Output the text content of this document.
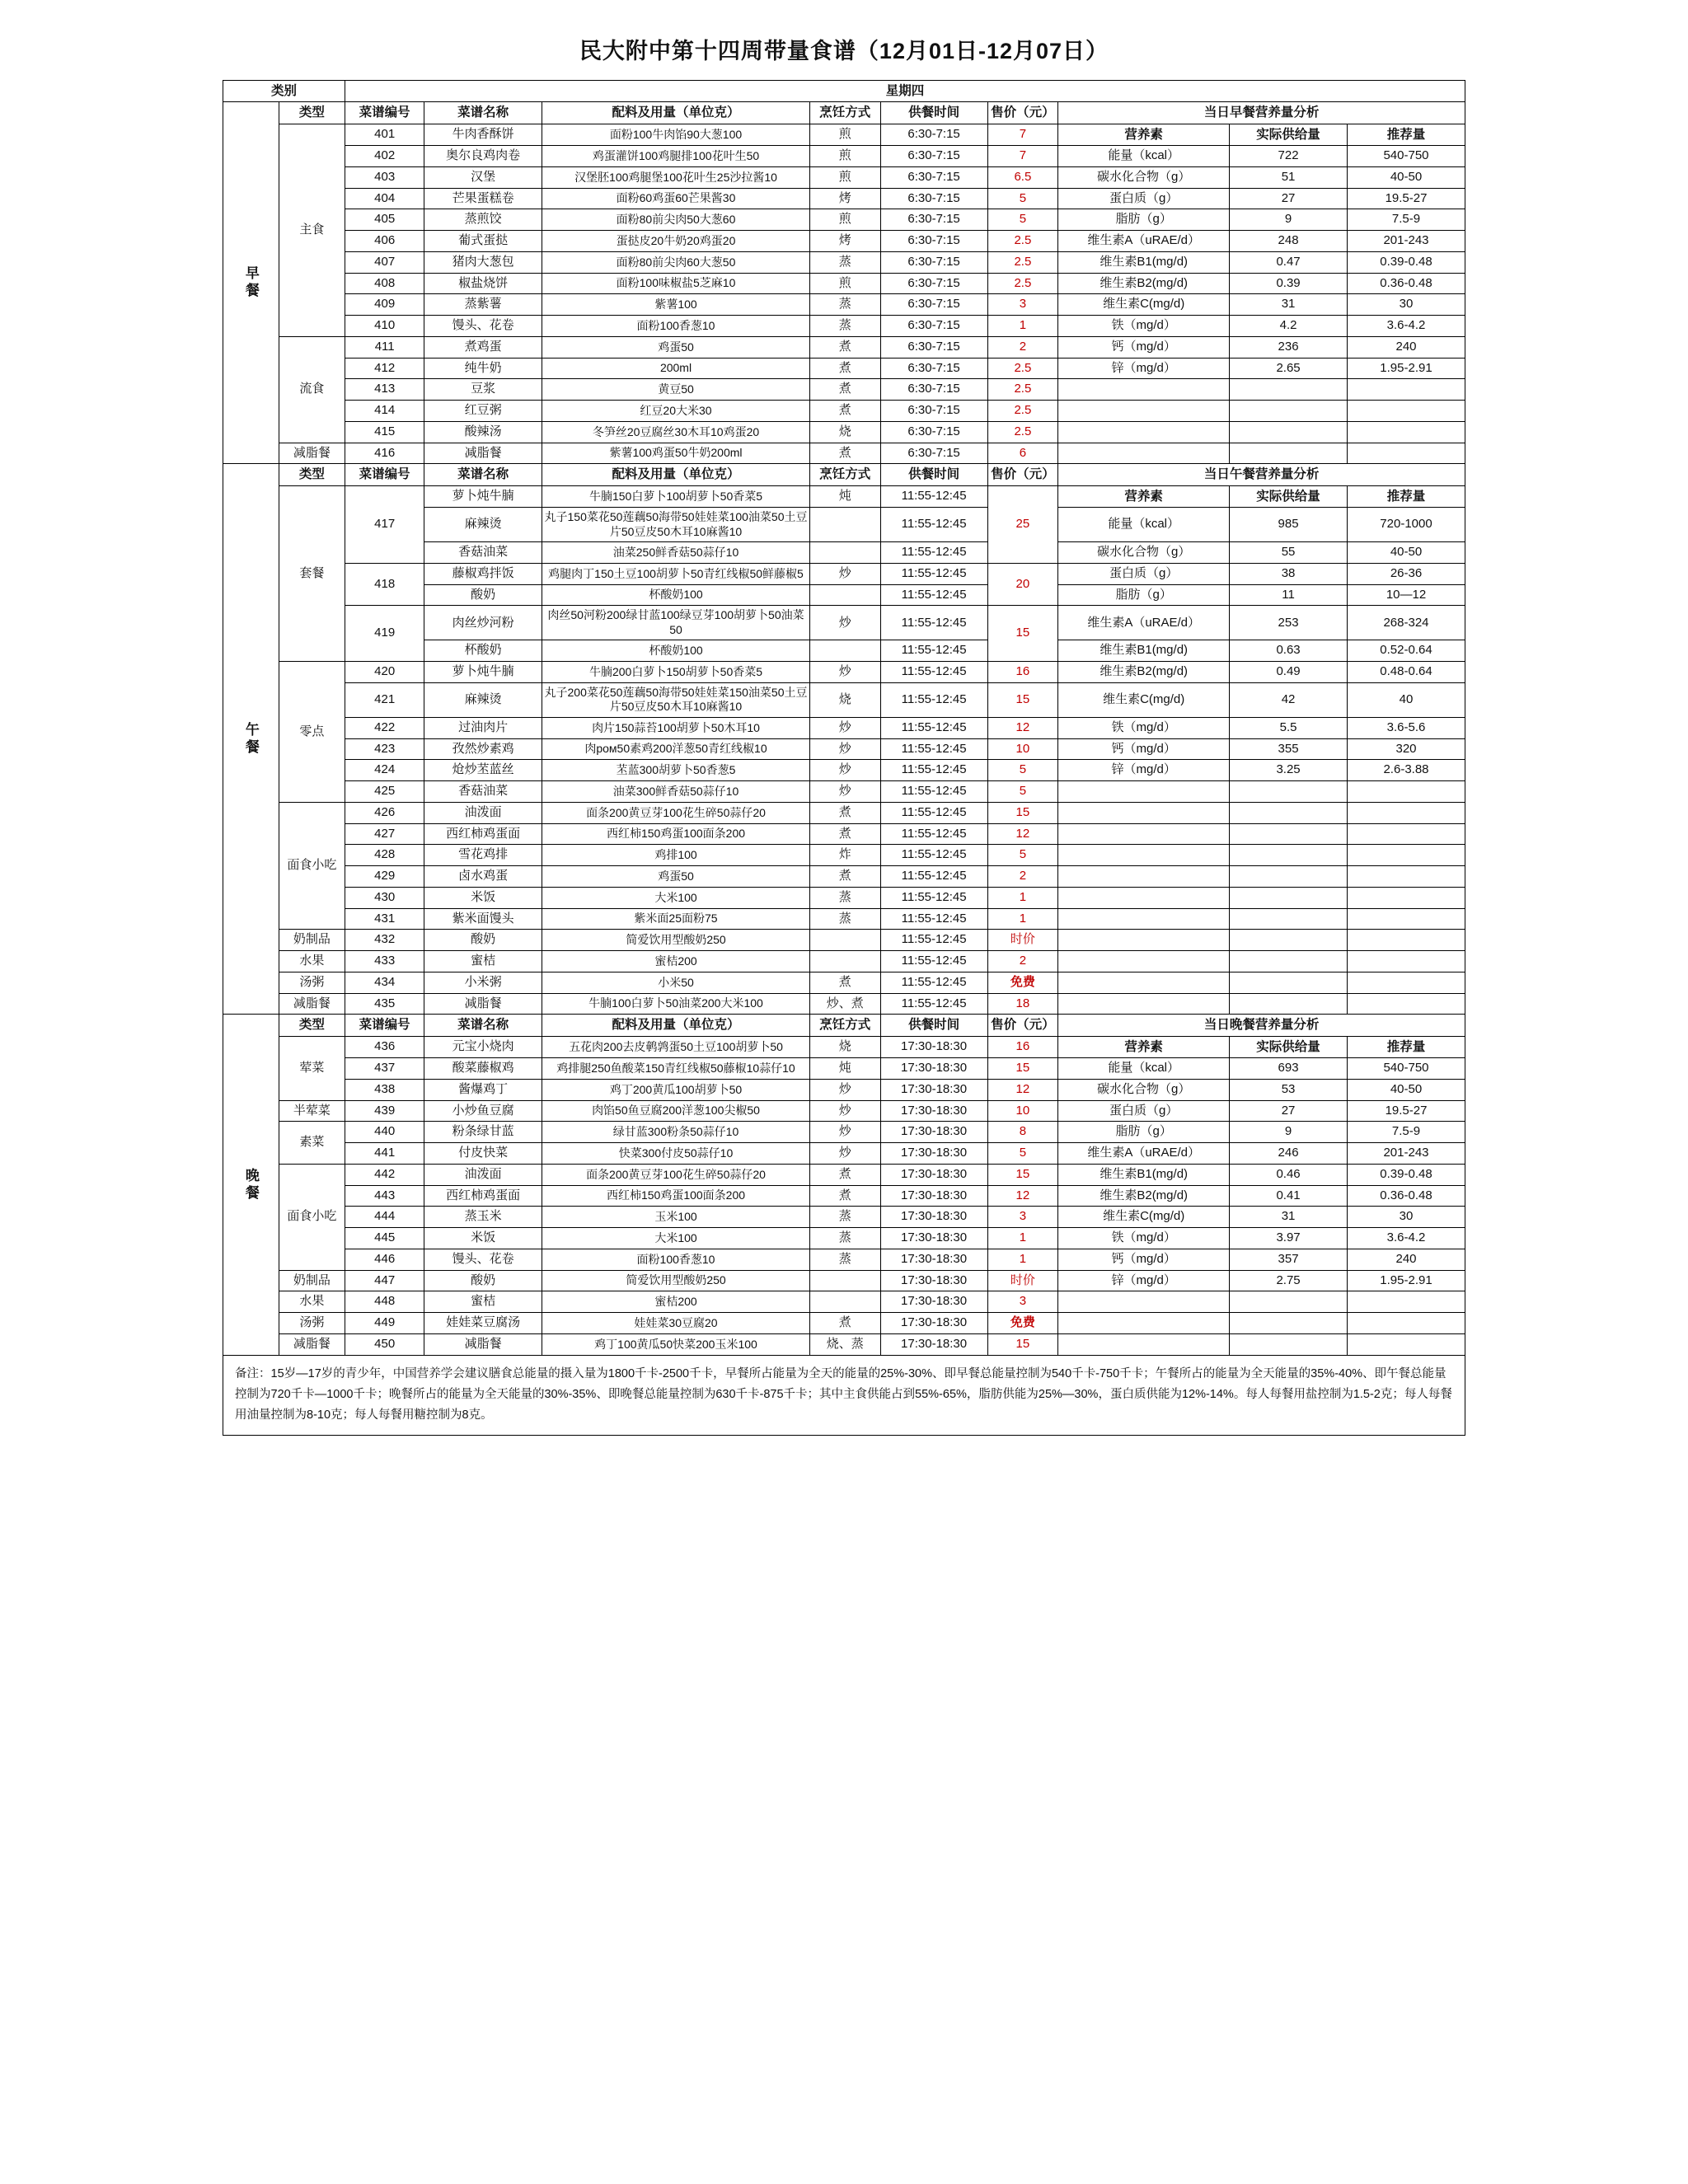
民大附中第十四周带量食谱（12月01日-12月07日）
类别		星期四								
早餐	类型	菜谱编号	菜谱名称	配料及用量（单位克）	烹饪方式	供餐时间	售价（元）	当日早餐营养量分析		
	主食	401	牛肉香酥饼	面粉100牛肉馅90大葱100	煎	6:30-7:15	7	营养素	实际供给量	推荐量
		402	奥尔良鸡肉卷	鸡蛋灌饼100鸡腿排100花叶生50	煎	6:30-7:15	7	能量（kcal）	722	540-750
		403	汉堡	汉堡胚100鸡腿堡100花叶生25沙拉酱10	煎	6:30-7:15	6.5	碳水化合物（g）	51	40-50
		404	芒果蛋糕卷	面粉60鸡蛋60芒果酱30	烤	6:30-7:15	5	蛋白质（g）	27	19.5-27
		405	蒸煎饺	面粉80前尖肉50大葱60	煎	6:30-7:15	5	脂肪（g）	9	7.5-9
		406	葡式蛋挞	蛋挞皮20牛奶20鸡蛋20	烤	6:30-7:15	2.5	维生素A（uRAE/d）	248	201-243
		407	猪肉大葱包	面粉80前尖肉60大葱50	蒸	6:30-7:15	2.5	维生素B1(mg/d)	0.47	0.39-0.48
		408	椒盐烧饼	面粉100味椒盐5芝麻10	煎	6:30-7:15	2.5	维生素B2(mg/d)	0.39	0.36-0.48
		409	蒸紫薯	紫薯100	蒸	6:30-7:15	3	维生素C(mg/d)	31	30
		410	馒头、花卷	面粉100香葱10	蒸	6:30-7:15	1	铁（mg/d）	4.2	3.6-4.2
	流食	411	煮鸡蛋	鸡蛋50	煮	6:30-7:15	2	钙（mg/d）	236	240
		412	纯牛奶	200ml	煮	6:30-7:15	2.5	锌（mg/d）	2.65	1.95-2.91
		413	豆浆	黄豆50	煮	6:30-7:15	2.5			
		414	红豆粥	红豆20大米30	煮	6:30-7:15	2.5			
		415	酸辣汤	冬笋丝20豆腐丝30木耳10鸡蛋20	烧	6:30-7:15	2.5			
	减脂餐	416	减脂餐	紫薯100鸡蛋50牛奶200ml	煮	6:30-7:15	6			
午餐	类型	菜谱编号	菜谱名称	配料及用量（单位克）	烹饪方式	供餐时间	售价（元）	当日午餐营养量分析		
	套餐	417	萝卜炖牛腩	牛腩150白萝卜100胡萝卜50香菜5	炖	11:55-12:45	25	营养素	实际供给量	推荐量
			麻辣烫	丸子150菜花50莲藕50海带50娃娃菜100油菜50土豆片50豆皮50木耳10麻酱10		11:55-12:45		能量（kcal）	985	720-1000
			香菇油菜	油菜250鲜香菇50蒜仔10		11:55-12:45		碳水化合物（g）	55	40-50
		418	藤椒鸡拌饭	鸡腿肉丁150土豆100胡萝卜50青红线椒50鲜藤椒5	炒	11:55-12:45	20	蛋白质（g）	38	26-36
			酸奶	杯酸奶100		11:55-12:45		脂肪（g）	11	10—12
		419	肉丝炒河粉	肉丝50河粉200绿甘蓝100绿豆芽100胡萝卜50油菜50	炒	11:55-12:45	15	维生素A（uRAE/d）	253	268-324
			杯酸奶	杯酸奶100		11:55-12:45		维生素B1(mg/d)	0.63	0.52-0.64
	零点	420	萝卜炖牛腩	牛腩200白萝卜150胡萝卜50香菜5	炒	11:55-12:45	16	维生素B2(mg/d)	0.49	0.48-0.64
		421	麻辣烫	丸子200菜花50莲藕50海带50娃娃菜150油菜50土豆片50豆皮50木耳10麻酱10	烧	11:55-12:45	15	维生素C(mg/d)	42	40
		422	过油肉片	肉片150蒜苔100胡萝卜50木耳10	炒	11:55-12:45	12	铁（mg/d）	5.5	3.6-5.6
		423	孜然炒素鸡	肉ром50素鸡200洋葱50青红线椒10	炒	11:55-12:45	10	钙（mg/d）	355	320
		424	炝炒苤蓝丝	苤蓝300胡萝卜50香葱5	炒	11:55-12:45	5	锌（mg/d）	3.25	2.6-3.88
		425	香菇油菜	油菜300鲜香菇50蒜仔10	炒	11:55-12:45	5			
	面食小吃	426	油泼面	面条200黄豆芽100花生碎50蒜仔20	煮	11:55-12:45	15			
		427	西红柿鸡蛋面	西红柿150鸡蛋100面条200	煮	11:55-12:45	12			
		428	雪花鸡排	鸡排100	炸	11:55-12:45	5			
		429	卤水鸡蛋	鸡蛋50	煮	11:55-12:45	2			
		430	米饭	大米100	蒸	11:55-12:45	1			
		431	紫米面馒头	紫米面25面粉75	蒸	11:55-12:45	1			
	奶制品	432	酸奶	简爱饮用型酸奶250		11:55-12:45	时价			
	水果	433	蜜桔	蜜桔200		11:55-12:45	2			
	汤粥	434	小米粥	小米50	煮	11:55-12:45	免费			
	减脂餐	435	减脂餐	牛腩100白萝卜50油菜200大米100	炒、煮	11:55-12:45	18			
晚餐	类型	菜谱编号	菜谱名称	配料及用量（单位克）	烹饪方式	供餐时间	售价（元）	当日晚餐营养量分析		
	荤菜	436	元宝小烧肉	五花肉200去皮鹌鹑蛋50土豆100胡萝卜50	烧	17:30-18:30	16	营养素	实际供给量	推荐量
		437	酸菜藤椒鸡	鸡排腿250鱼酸菜150青红线椒50藤椒10蒜仔10	炖	17:30-18:30	15	能量（kcal）	693	540-750
		438	酱爆鸡丁	鸡丁200黄瓜100胡萝卜50	炒	17:30-18:30	12	碳水化合物（g）	53	40-50
	半荤菜	439	小炒鱼豆腐	肉馅50鱼豆腐200洋葱100尖椒50	炒	17:30-18:30	10	蛋白质（g）	27	19.5-27
	素菜	440	粉条绿甘蓝	绿甘蓝300粉条50蒜仔10	炒	17:30-18:30	8	脂肪（g）	9	7.5-9
		441	付皮快菜	快菜300付皮50蒜仔10	炒	17:30-18:30	5	维生素A（uRAE/d）	246	201-243
	面食小吃	442	油泼面	面条200黄豆芽100花生碎50蒜仔20	煮	17:30-18:30	15	维生素B1(mg/d)	0.46	0.39-0.48
		443	西红柿鸡蛋面	西红柿150鸡蛋100面条200	煮	17:30-18:30	12	维生素B2(mg/d)	0.41	0.36-0.48
		444	蒸玉米	玉米100	蒸	17:30-18:30	3	维生素C(mg/d)	31	30
		445	米饭	大米100	蒸	17:30-18:30	1	铁（mg/d）	3.97	3.6-4.2
		446	馒头、花卷	面粉100香葱10	蒸	17:30-18:30	1	钙（mg/d）	357	240
	奶制品	447	酸奶	简爱饮用型酸奶250		17:30-18:30	时价	锌（mg/d）	2.75	1.95-2.91
	水果	448	蜜桔	蜜桔200		17:30-18:30	3			
	汤粥	449	娃娃菜豆腐汤	娃娃菜30豆腐20	煮	17:30-18:30	免费			
	减脂餐	450	减脂餐	鸡丁100黄瓜50快菜200玉米100	烧、蒸	17:30-18:30	15			
备注：15岁—17岁的青少年，中国营养学会建议膳食总能量的摄入量为1800千卡-2500千卡，早餐所占能量为全天的能量的25%-30%、即早餐总能量控制为540千卡-750千卡；午餐所占的能量为全天能量的35%-40%、即午餐总能量控制为720千卡—1000千卡；晚餐所占的能量为全天能量的30%-35%、即晚餐总能量控制为630千卡-875千卡；其中主食供能占到55%-65%，脂肪供能为25%—30%，蛋白质供能为12%-14%。每人每餐用盐控制为1.5-2克；每人每餐用油量控制为8-10克；每人每餐用糖控制为8克。										
